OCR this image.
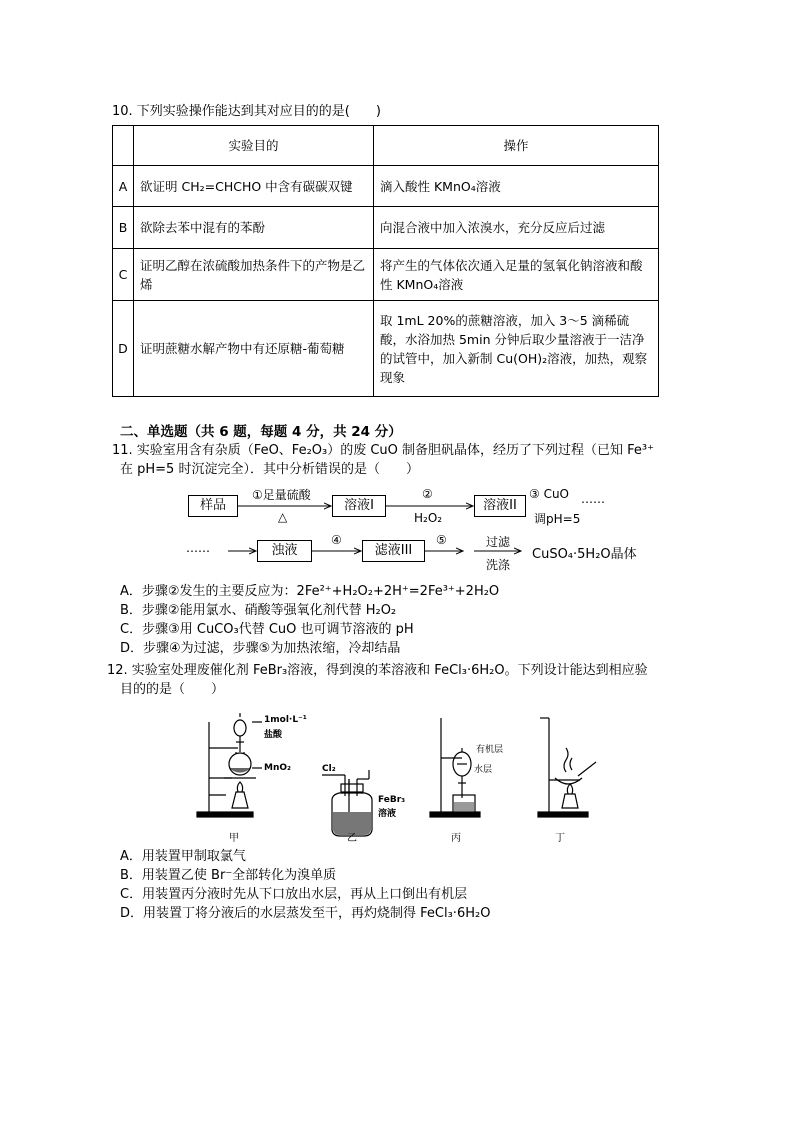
10. 下列实验操作能达到其对应目的的是(　　)
	实验目的	操作
A	欲证明 CH₂=CHCHO 中含有碳碳双键	滴入酸性 KMnO₄溶液
B	欲除去苯中混有的苯酚	向混合液中加入浓溴水，充分反应后过滤
C	证明乙醇在浓硫酸加热条件下的产物是乙烯	将产生的气体依次通入足量的氢氧化钠溶液和酸性 KMnO₄溶液
D	证明蔗糖水解产物中有还原糖-葡萄糖	取 1mL 20%的蔗糖溶液，加入 3～5 滴稀硫酸，水浴加热 5min 分钟后取少量溶液于一洁净的试管中，加入新制 Cu(OH)₂溶液，加热，观察现象
二、单选题（共 6 题，每题 4 分，共 24 分）
11. 实验室用含有杂质（FeO、Fe₂O₃）的废 CuO 制备胆矾晶体，经历了下列过程（已知 Fe³⁺
在 pH=5 时沉淀完全）．其中分析错误的是（　　）
样品
①足量硫酸
△
溶液I
②
H₂O₂
溶液II
③ CuO
调pH=5
……
……	浊液
④
滤液III
⑤	过滤
洗涤
CuSO₄·5H₂O晶体
A．步骤②发生的主要反应为：2Fe²⁺+H₂O₂+2H⁺=2Fe³⁺+2H₂O
B．步骤②能用氯水、硝酸等强氧化剂代替 H₂O₂
C．步骤③用 CuCO₃代替 CuO 也可调节溶液的 pH
D．步骤④为过滤，步骤⑤为加热浓缩，冷却结晶
12. 实验室处理废催化剂 FeBr₃溶液，得到溴的苯溶液和 FeCl₃·6H₂O。下列设计能达到相应验
目的的是（　　）
1mol·L⁻¹
盐酸
MnO₂	Cl₂
FeBr₃
溶液
有机层
水层
甲	乙	丙	丁
A．用装置甲制取氯气
B．用装置乙使 Br⁻全部转化为溴单质
C．用装置丙分液时先从下口放出水层，再从上口倒出有机层
D．用装置丁将分液后的水层蒸发至干，再灼烧制得 FeCl₃·6H₂O
